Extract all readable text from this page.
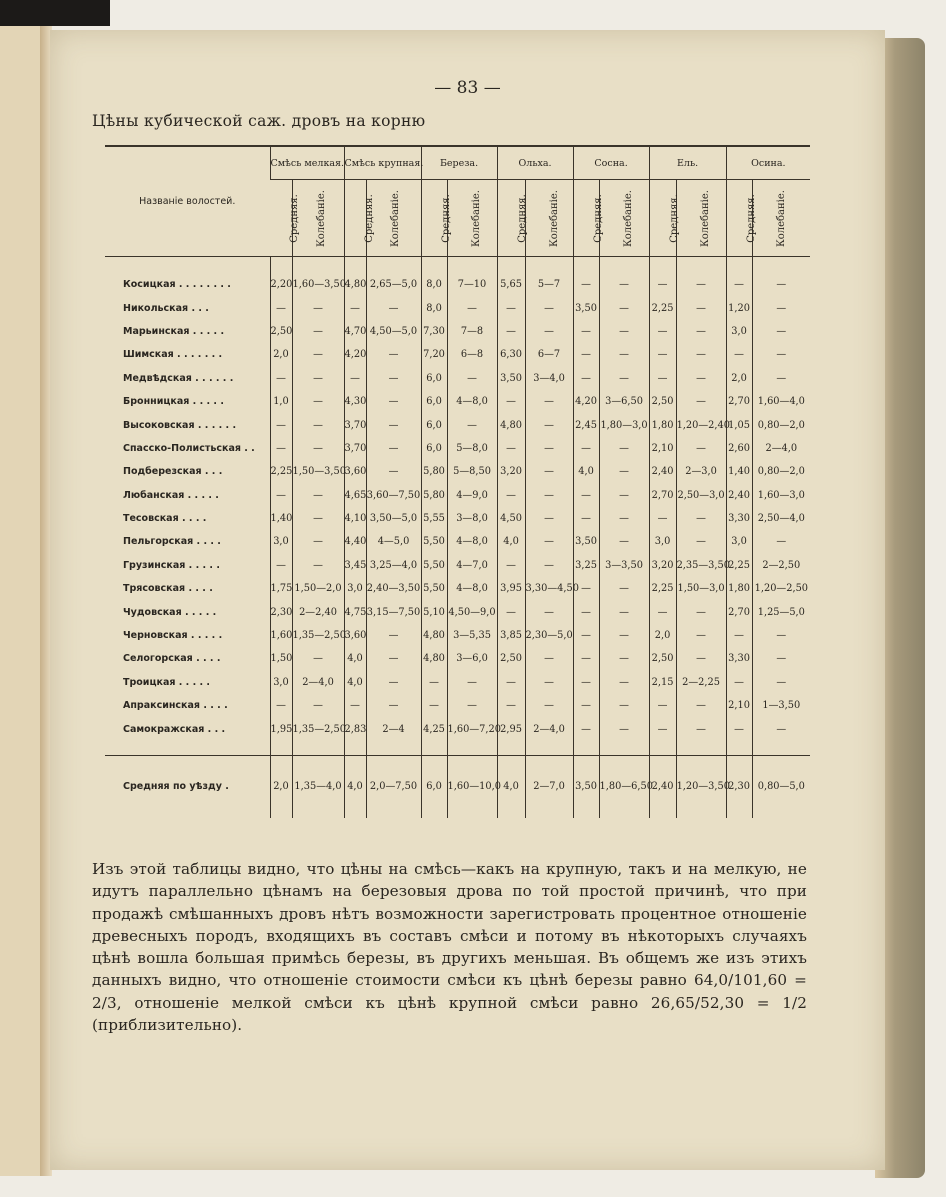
— 83 —
Цѣны кубической саж. дровъ на корню
Названіе волостей.	Смѣсь мелкая.		Смѣсь крупная.		Береза.		Ольха.		Сосна.		Ель.		Осина.	
	Средняя.	Колебаніе.	Средняя.	Колебаніе.	Средняя.	Колебаніе.	Средняя.	Колебаніе.	Средняя.	Колебаніе.	Средняя.	Колебаніе.	Средняя.	Колебаніе.
Косицкая . . . . . . . .	2,20	1,60—3,50	4,80	2,65—5,0	8,0	7—10	5,65	5—7	—	—	—	—	—	—
Никольская . . .	—	—	—	—	8,0	—	—	—	3,50	—	2,25	—	1,20	—
Марьинская . . . . .	2,50	—	4,70	4,50—5,0	7,30	7—8	—	—	—	—	—	—	3,0	—
Шимская . . . . . . .	2,0	—	4,20	—	7,20	6—8	6,30	6—7	—	—	—	—	—	—
Медвѣдская . . . . . .	—	—	—	—	6,0	—	3,50	3—4,0	—	—	—	—	2,0	—
Бронницкая . . . . .	1,0	—	4,30	—	6,0	4—8,0	—	—	4,20	3—6,50	2,50	—	2,70	1,60—4,0
Высоковская . . . . . .	—	—	3,70	—	6,0	—	4,80	—	2,45	1,80—3,0	1,80	1,20—2,40	1,05	0,80—2,0
Спасско-Полистьская . .	—	—	3,70	—	6,0	5—8,0	—	—	—	—	2,10	—	2,60	2—4,0
Подберезская . . .	2,25	1,50—3,50	3,60	—	5,80	5—8,50	3,20	—	4,0	—	2,40	2—3,0	1,40	0,80—2,0
Любанская . . . . .	—	—	4,65	3,60—7,50	5,80	4—9,0	—	—	—	—	2,70	2,50—3,0	2,40	1,60—3,0
Тесовская . . . .	1,40	—	4,10	3,50—5,0	5,55	3—8,0	4,50	—	—	—	—	—	3,30	2,50—4,0
Пельгорская . . . .	3,0	—	4,40	4—5,0	5,50	4—8,0	4,0	—	3,50	—	3,0	—	3,0	—
Грузинская . . . . .	—	—	3,45	3,25—4,0	5,50	4—7,0	—	—	3,25	3—3,50	3,20	2,35—3,50	2,25	2—2,50
Трясовская . . . .	1,75	1,50—2,0	3,0	2,40—3,50	5,50	4—8,0	3,95	3,30—4,50	—	—	2,25	1,50—3,0	1,80	1,20—2,50
Чудовская . . . . .	2,30	2—2,40	4,75	3,15—7,50	5,10	4,50—9,0	—	—	—	—	—	—	2,70	1,25—5,0
Черновская . . . . .	1,60	1,35—2,50	3,60	—	4,80	3—5,35	3,85	2,30—5,0	—	—	2,0	—	—	—
Селогорская . . . .	1,50	—	4,0	—	4,80	3—6,0	2,50	—	—	—	2,50	—	3,30	—
Троицкая . . . . .	3,0	2—4,0	4,0	—	—	—	—	—	—	—	2,15	2—2,25	—	—
Апраксинская . . . .	—	—	—	—	—	—	—	—	—	—	—	—	2,10	1—3,50
Самокражская . . .	1,95	1,35—2,50	2,83	2—4	4,25	1,60—7,20	2,95	2—4,0	—	—	—	—	—	—

Средняя по уѣзду .	2,0	1,35—4,0	4,0	2,0—7,50	6,0	1,60—10,0	4,0	2—7,0	3,50	1,80—6,50	2,40	1,20—3,50	2,30	0,80—5,0

Изъ этой таблицы видно, что цѣны на смѣсь—какъ на крупную, такъ и на мелкую, не идутъ параллельно цѣнамъ на березовыя дрова по той простой причинѣ, что при продажѣ смѣшанныхъ дровъ нѣтъ возможности зарегистровать процентное отношеніе древесныхъ породъ, входящихъ въ составъ смѣси и потому въ нѣкоторыхъ случаяхъ цѣнѣ вошла большая примѣсь березы, въ другихъ меньшая. Въ общемъ же изъ этихъ данныхъ видно, что отношеніе стоимости смѣси къ цѣнѣ березы равно 64,0/101,60 = 2/3, отношеніе мелкой смѣси къ цѣнѣ крупной смѣси равно 26,65/52,30 = 1/2 (приблизительно).
